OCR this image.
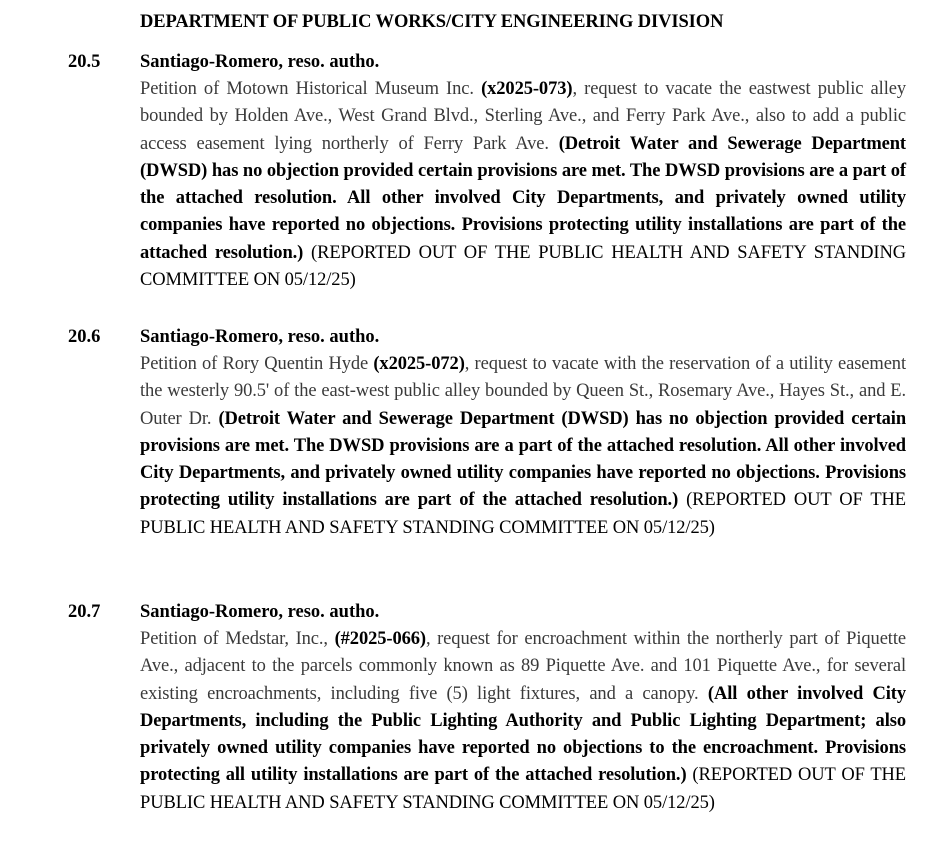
DEPARTMENT OF PUBLIC WORKS/CITY ENGINEERING DIVISION
20.5 Santiago-Romero, reso. autho.
Petition of Motown Historical Museum Inc. (x2025-073), request to vacate the eastwest public alley bounded by Holden Ave., West Grand Blvd., Sterling Ave., and Ferry Park Ave., also to add a public access easement lying northerly of Ferry Park Ave. (Detroit Water and Sewerage Department (DWSD) has no objection provided certain provisions are met. The DWSD provisions are a part of the attached resolution. All other involved City Departments, and privately owned utility companies have reported no objections. Provisions protecting utility installations are part of the attached resolution.) (REPORTED OUT OF THE PUBLIC HEALTH AND SAFETY STANDING COMMITTEE ON 05/12/25)
20.6 Santiago-Romero, reso. autho.
Petition of Rory Quentin Hyde (x2025-072), request to vacate with the reservation of a utility easement the westerly 90.5' of the east-west public alley bounded by Queen St., Rosemary Ave., Hayes St., and E. Outer Dr. (Detroit Water and Sewerage Department (DWSD) has no objection provided certain provisions are met. The DWSD provisions are a part of the attached resolution. All other involved City Departments, and privately owned utility companies have reported no objections. Provisions protecting utility installations are part of the attached resolution.) (REPORTED OUT OF THE PUBLIC HEALTH AND SAFETY STANDING COMMITTEE ON 05/12/25)
20.7 Santiago-Romero, reso. autho.
Petition of Medstar, Inc., (#2025-066), request for encroachment within the northerly part of Piquette Ave., adjacent to the parcels commonly known as 89 Piquette Ave. and 101 Piquette Ave., for several existing encroachments, including five (5) light fixtures, and a canopy. (All other involved City Departments, including the Public Lighting Authority and Public Lighting Department; also privately owned utility companies have reported no objections to the encroachment. Provisions protecting all utility installations are part of the attached resolution.) (REPORTED OUT OF THE PUBLIC HEALTH AND SAFETY STANDING COMMITTEE ON 05/12/25)
